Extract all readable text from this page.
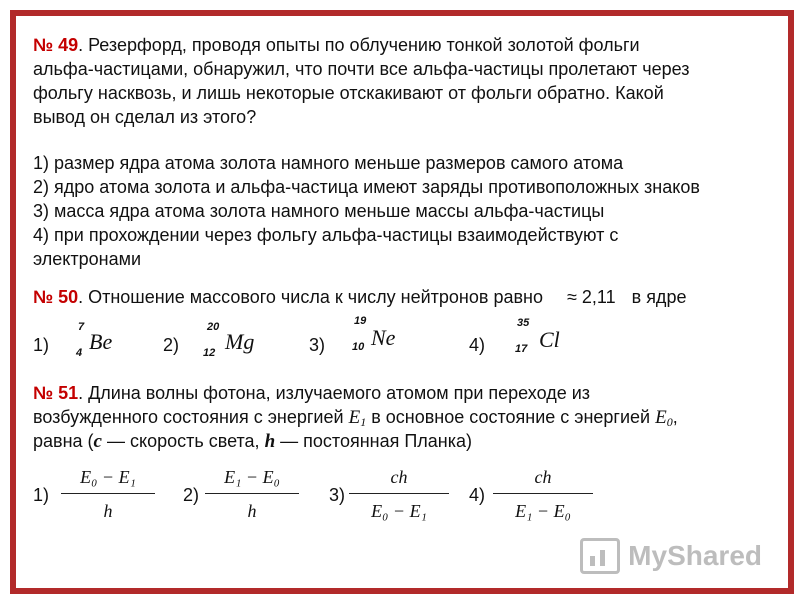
№ 49. Резерфорд, проводя опыты по облучению тонкой золотой фольги
альфа-частицами, обнаружил, что почти все альфа-частицы пролетают через
фольгу насквозь, и лишь некоторые отскакивают от фольги обратно. Какой
вывод он сделал из этого?
1) размер ядра атома золота намного меньше размеров самого атома
2) ядро атома золота и альфа-частица имеют заряды противоположных знаков
3) масса ядра атома золота намного меньше массы альфа-частицы
4) при прохождении через фольгу альфа-частицы взаимодействуют с
электронами
№ 50. Отношение массового числа к числу нейтронов равно ≈ 2,11 в ядре
1)
7
4 Be	2)
20
12 Mg	3)
19
10 Ne	4)
35
17 Cl
№ 51. Длина волны фотона, излучаемого атомом при переходе из
возбужденного состояния с энергией $E_1$ в основное состояние с энергией $E_0$,
равна (c — скорость света, h — постоянная Планка)
1)
E₀ − E₁
h
2)
E₁ − E₀
h
3)
ch
E₀ − E₁
4)
ch
E₁ − E₀
MyShared
